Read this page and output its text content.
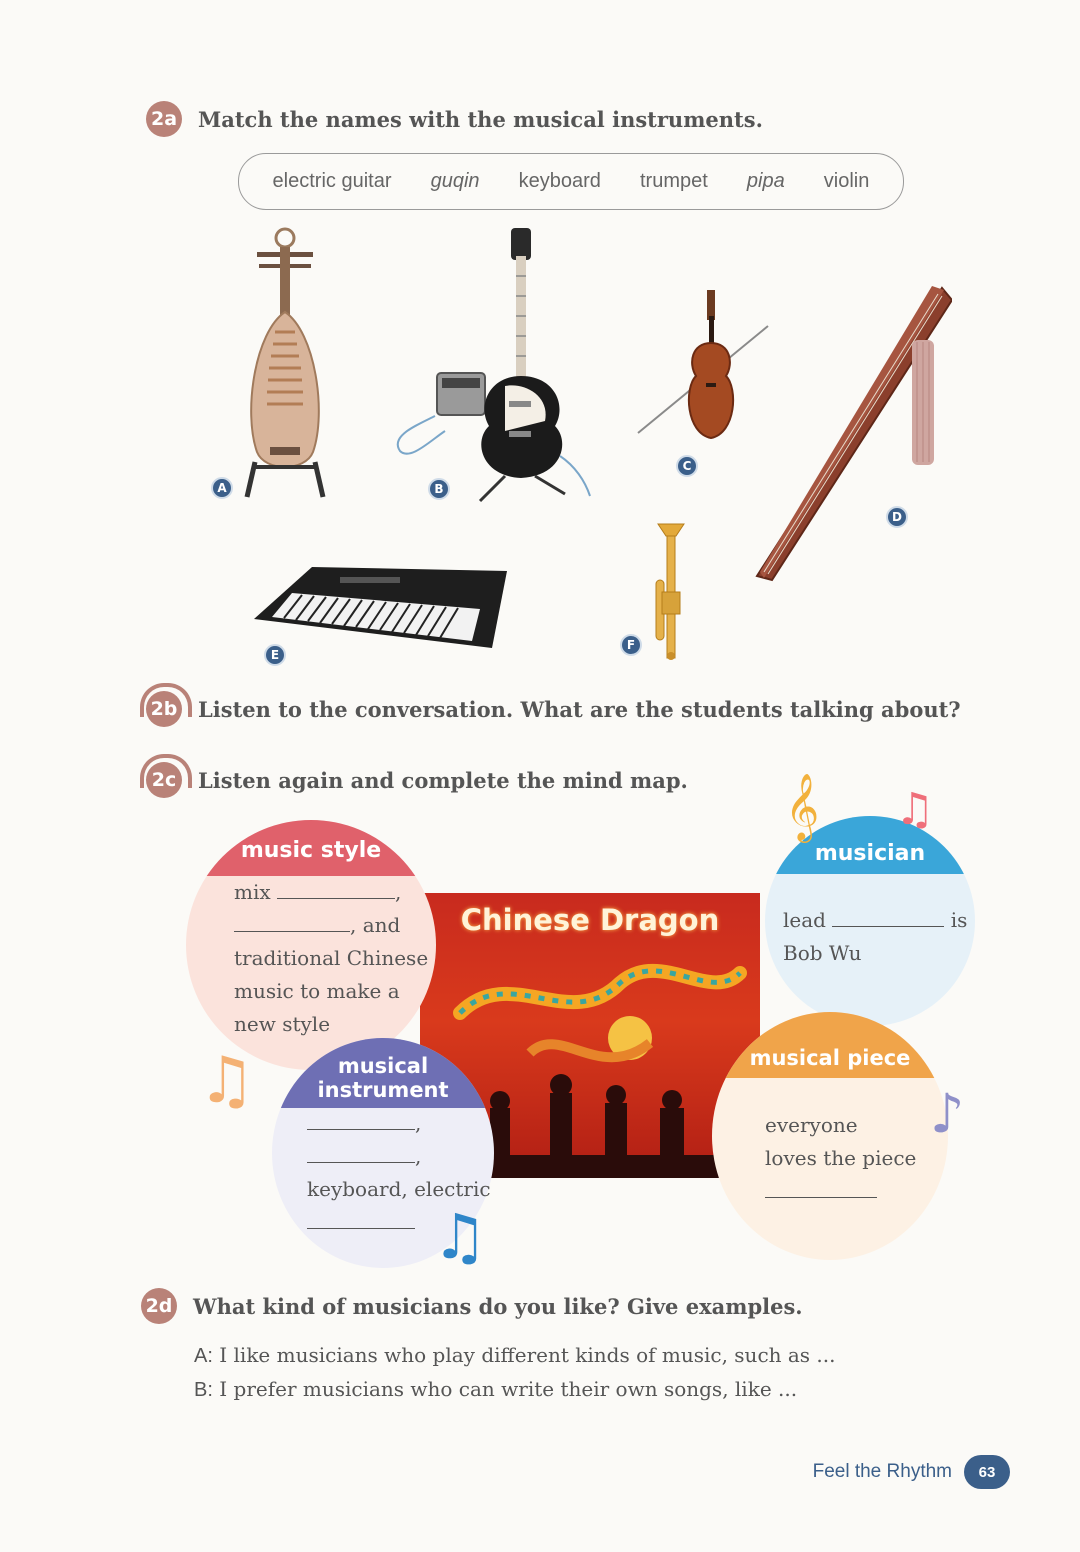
2a Match the names with the musical instruments.
electric guitar guqin keyboard trumpet pipa violin
A	B
C
D
E
F
2b Listen to the conversation. What are the students talking about?
2c Listen again and complete the mind map.
Chinese Dragon
music style
mix	,
, and
traditional Chinese
music to make a
new style
musician
lead	is
Bob Wu
musical
instrument
,
,
keyboard, electric
musical piece
everyone
loves the piece
𝄞 ♫
♫
♫
♪
2d What kind of musicians do you like? Give examples.
A: I like musicians who play different kinds of music, such as ...
B: I prefer musicians who can write their own songs, like ...
Feel the Rhythm	63
